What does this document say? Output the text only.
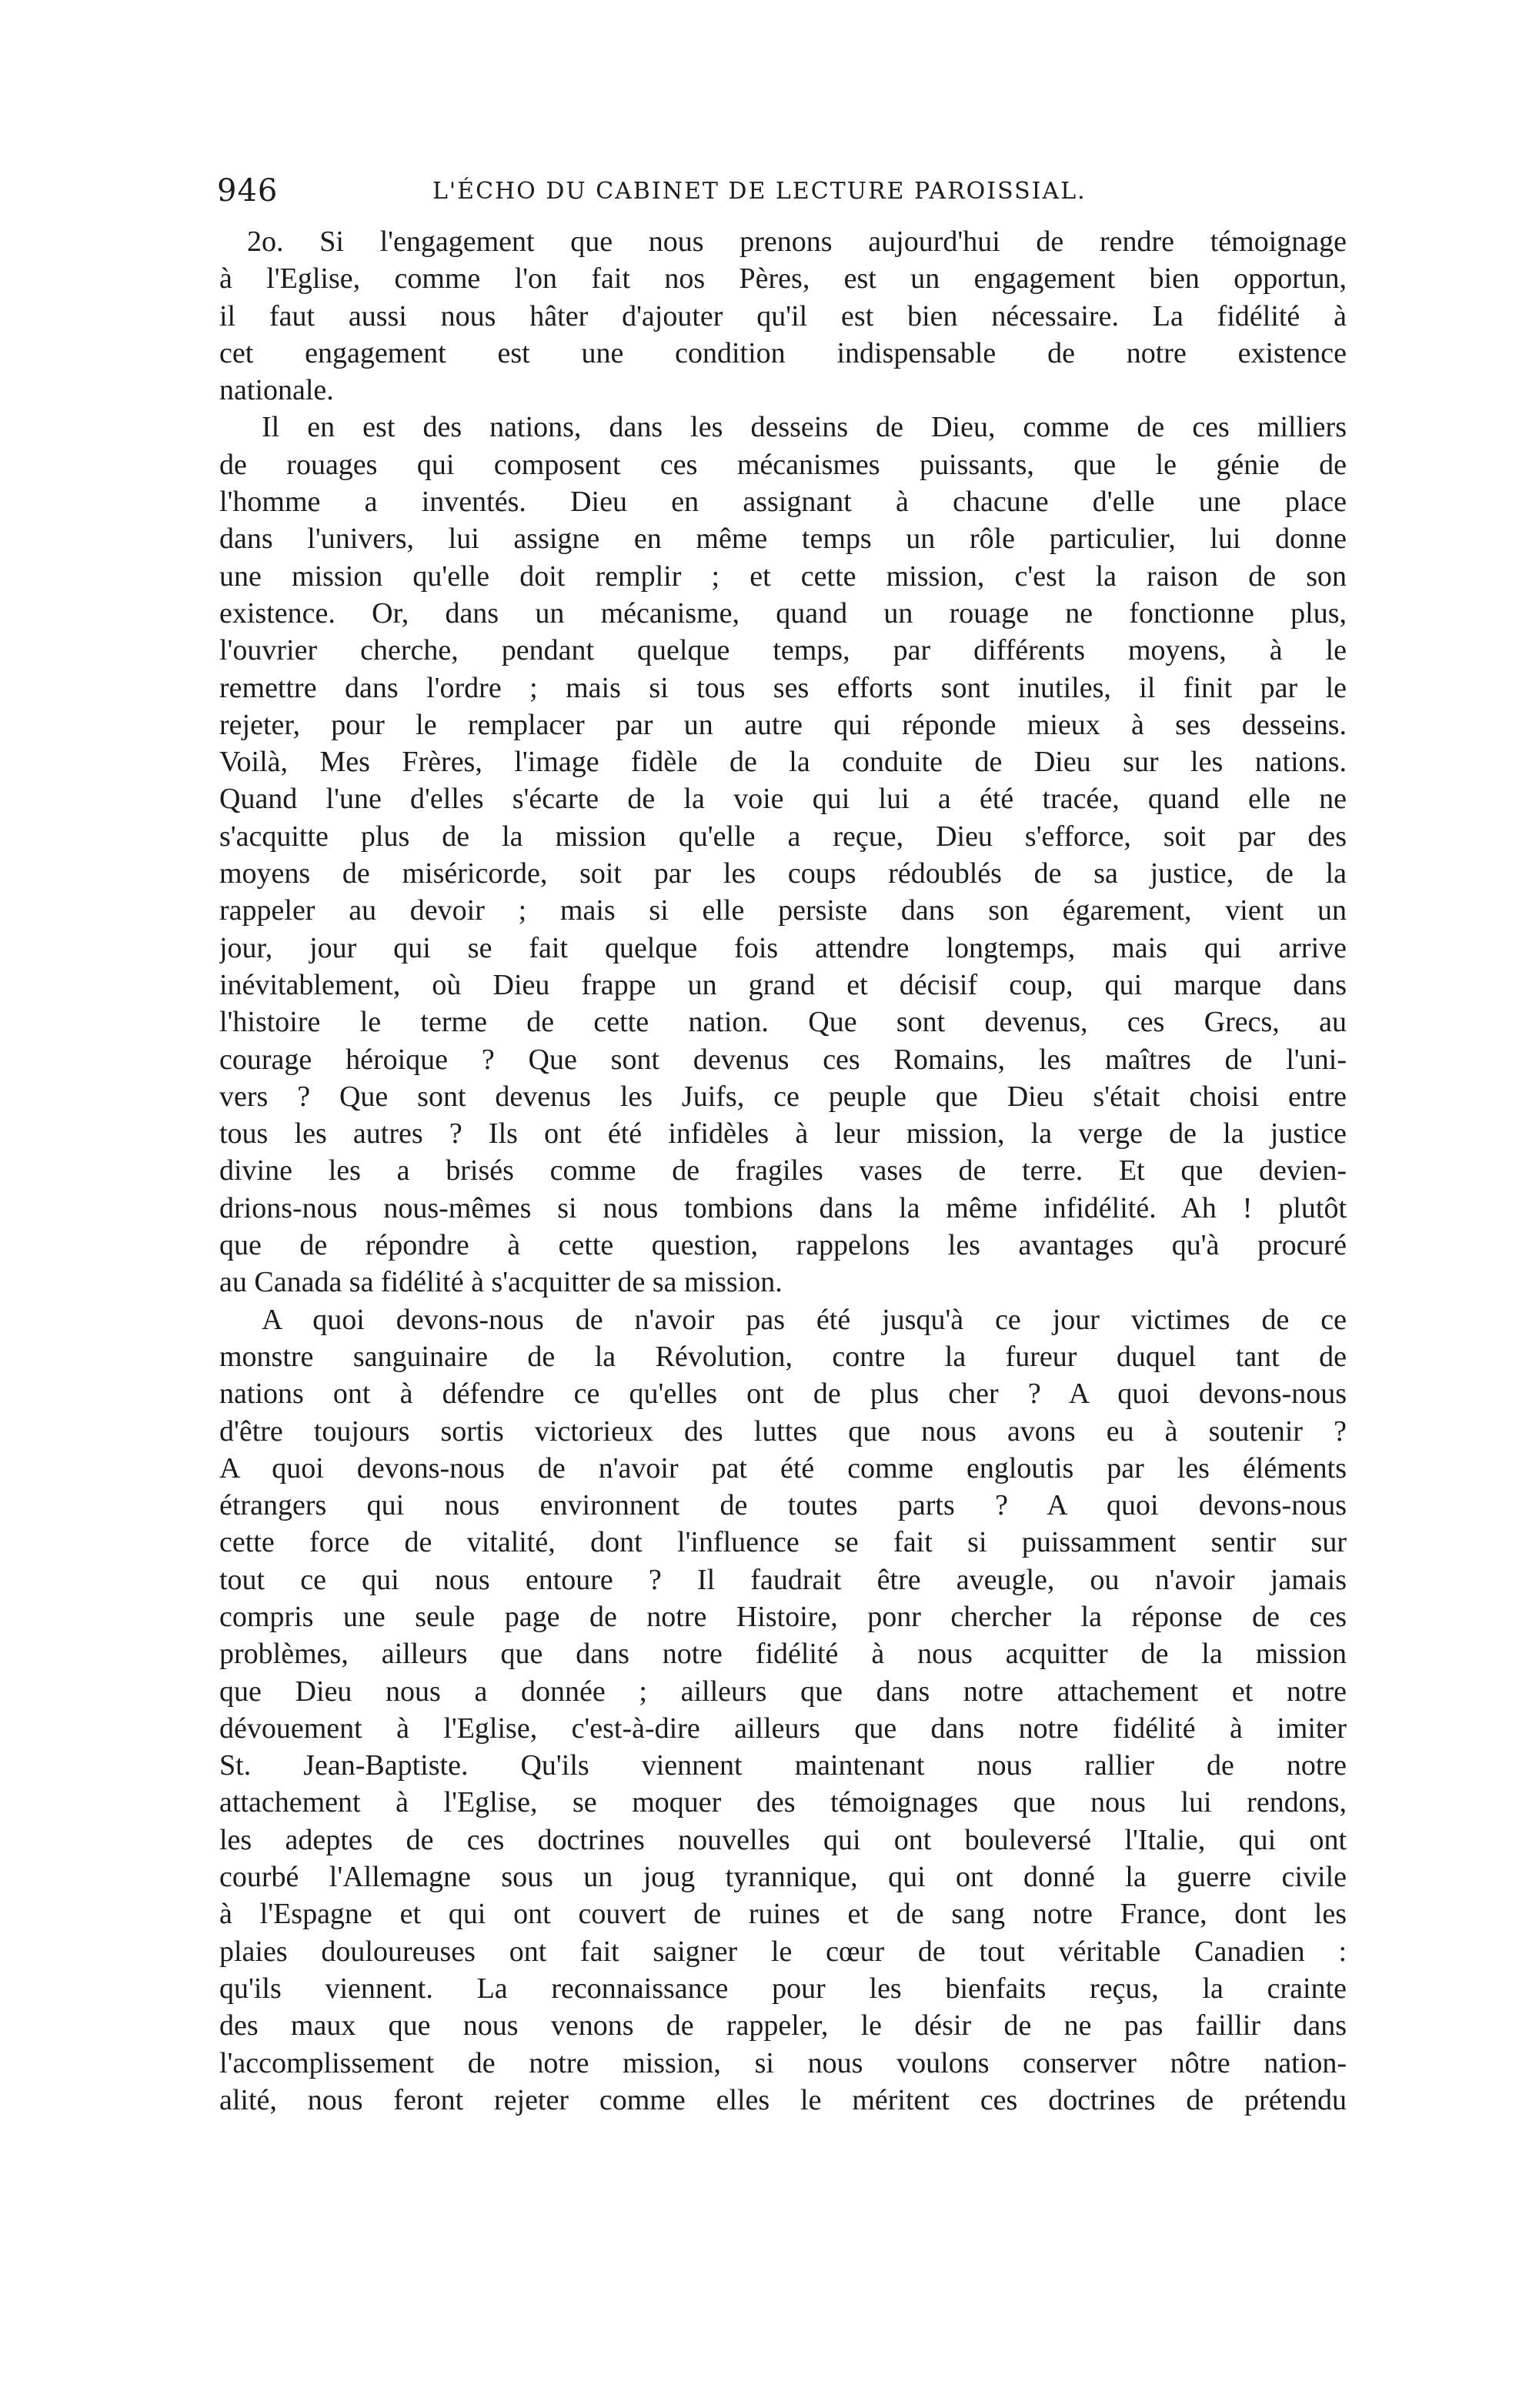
946	L'ÉCHO DU CABINET DE LECTURE PAROISSIAL.
2o. Si l'engagement que nous prenons aujourd'hui de rendre témoignage
à l'Eglise, comme l'on fait nos Pères, est un engagement bien opportun,
il faut aussi nous hâter d'ajouter qu'il est bien nécessaire. La fidélité à
cet engagement est une condition indispensable de notre existence
nationale.
Il en est des nations, dans les desseins de Dieu, comme de ces milliers
de rouages qui composent ces mécanismes puissants, que le génie de
l'homme a inventés. Dieu en assignant à chacune d'elle une place
dans l'univers, lui assigne en même temps un rôle particulier, lui donne
une mission qu'elle doit remplir ; et cette mission, c'est la raison de son
existence. Or, dans un mécanisme, quand un rouage ne fonctionne plus,
l'ouvrier cherche, pendant quelque temps, par différents moyens, à le
remettre dans l'ordre ; mais si tous ses efforts sont inutiles, il finit par le
rejeter, pour le remplacer par un autre qui réponde mieux à ses desseins.
Voilà, Mes Frères, l'image fidèle de la conduite de Dieu sur les nations.
Quand l'une d'elles s'écarte de la voie qui lui a été tracée, quand elle ne
s'acquitte plus de la mission qu'elle a reçue, Dieu s'efforce, soit par des
moyens de miséricorde, soit par les coups rédoublés de sa justice, de la
rappeler au devoir ; mais si elle persiste dans son égarement, vient un
jour, jour qui se fait quelque fois attendre longtemps, mais qui arrive
inévitablement, où Dieu frappe un grand et décisif coup, qui marque dans
l'histoire le terme de cette nation. Que sont devenus, ces Grecs, au
courage héroique ? Que sont devenus ces Romains, les maîtres de l'uni-
vers ? Que sont devenus les Juifs, ce peuple que Dieu s'était choisi entre
tous les autres ? Ils ont été infidèles à leur mission, la verge de la justice
divine les a brisés comme de fragiles vases de terre. Et que devien-
drions-nous nous-mêmes si nous tombions dans la même infidélité. Ah ! plutôt
que de répondre à cette question, rappelons les avantages qu'à procuré
au Canada sa fidélité à s'acquitter de sa mission.
A quoi devons-nous de n'avoir pas été jusqu'à ce jour victimes de ce
monstre sanguinaire de la Révolution, contre la fureur duquel tant de
nations ont à défendre ce qu'elles ont de plus cher ? A quoi devons-nous
d'être toujours sortis victorieux des luttes que nous avons eu à soutenir ?
A quoi devons-nous de n'avoir pat été comme engloutis par les éléments
étrangers qui nous environnent de toutes parts ? A quoi devons-nous
cette force de vitalité, dont l'influence se fait si puissamment sentir sur
tout ce qui nous entoure ? Il faudrait être aveugle, ou n'avoir jamais
compris une seule page de notre Histoire, ponr chercher la réponse de ces
problèmes, ailleurs que dans notre fidélité à nous acquitter de la mission
que Dieu nous a donnée ; ailleurs que dans notre attachement et notre
dévouement à l'Eglise, c'est-à-dire ailleurs que dans notre fidélité à imiter
St. Jean-Baptiste. Qu'ils viennent maintenant nous rallier de notre
attachement à l'Eglise, se moquer des témoignages que nous lui rendons,
les adeptes de ces doctrines nouvelles qui ont bouleversé l'Italie, qui ont
courbé l'Allemagne sous un joug tyrannique, qui ont donné la guerre civile
à l'Espagne et qui ont couvert de ruines et de sang notre France, dont les
plaies douloureuses ont fait saigner le cœur de tout véritable Canadien :
qu'ils viennent. La reconnaissance pour les bienfaits reçus, la crainte
des maux que nous venons de rappeler, le désir de ne pas faillir dans
l'accomplissement de notre mission, si nous voulons conserver nôtre nation-
alité, nous feront rejeter comme elles le méritent ces doctrines de prétendu
